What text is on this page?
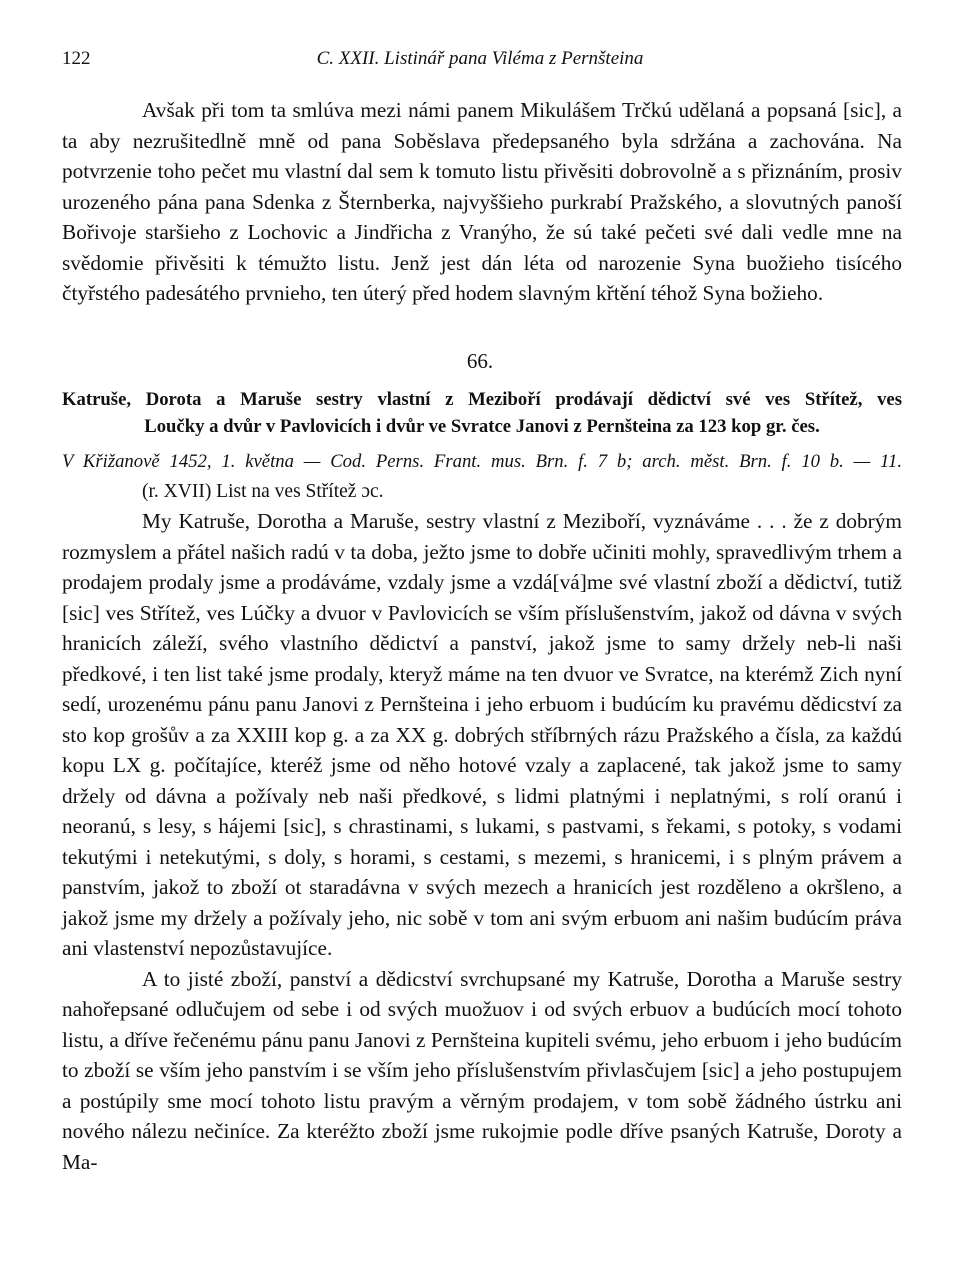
122	C. XXII. Listinář pana Viléma z Pernšteina

Avšak při tom ta smlúva mezi námi panem Mikulášem Trčkú udělaná a popsaná [sic], a ta aby nezrušitedlně mně od pana Soběslava předepsaného byla sdržána a zachována. Na potvrzenie toho pečet mu vlastní dal sem k tomuto listu přivěsiti dobrovolně a s přiznáním, prosiv urozeného pána pana Sdenka z Šternberka, najvyššieho purkrabí Pražského, a slovutných panoší Bořivoje staršieho z Lochovic a Jindřicha z Vranýho, že sú také pečeti své dali vedle mne na svědomie přivěsiti k témužto listu. Jenž jest dán léta od narozenie Syna buožieho tisícého čtyřstého padesátého prvnieho, ten úterý před hodem slavným křtění téhož Syna božieho.

66.
Katruše, Dorota a Maruše sestry vlastní z Meziboří prodávají dědictví své ves Střítež, ves
Loučky a dvůr v Pavlovicích i dvůr ve Svratce Janovi z Pernšteina za 123 kop gr. čes.
V Křižanově 1452, 1. května — Cod. Perns. Frant. mus. Brn. f. 7 b; arch. měst. Brn. f. 10 b. — 11.
(r. XVII) List na ves Střítež ɔc.

My Katruše, Dorotha a Maruše, sestry vlastní z Meziboří, vyznáváme . . . že z dobrým rozmyslem a přátel našich radú v ta doba, ježto jsme to dobře učiniti mohly, spravedlivým trhem a prodajem prodaly jsme a prodáváme, vzdaly jsme a vzdá[vá]me své vlastní zboží a dědictví, tutiž [sic] ves Střítež, ves Lúčky a dvuor v Pavlovicích se vším příslušenstvím, jakož od dávna v svých hranicích záleží, svého vlastního dědictví a panství, jakož jsme to samy držely neb-li naši předkové, i ten list také jsme prodaly, kteryž máme na ten dvuor ve Svratce, na kterémž Zich nyní sedí, urozenému pánu panu Janovi z Pernšteina i jeho erbuom i budúcím ku pravému dědicství za sto kop grošův a za XXIII kop g. a za XX g. dobrých stříbrných rázu Pražského a čísla, za každú kopu LX g. počítajíce, kteréž jsme od něho hotové vzaly a zaplacené, tak jakož jsme to samy držely od dávna a požívaly neb naši předkové, s lidmi platnými i neplatnými, s rolí oranú i neoranú, s lesy, s hájemi [sic], s chrastinami, s lukami, s pastvami, s řekami, s potoky, s vodami tekutými i netekutými, s doly, s horami, s cestami, s mezemi, s hranicemi, i s plným právem a panstvím, jakož to zboží ot staradávna v svých mezech a hranicích jest rozděleno a okršleno, a jakož jsme my držely a požívaly jeho, nic sobě v tom ani svým erbuom ani našim budúcím práva ani vlastenství nepozůstavujíce.

A to jisté zboží, panství a dědicství svrchupsané my Katruše, Dorotha a Maruše sestry nahořepsané odlučujem od sebe i od svých muožuov i od svých erbuov a budúcích mocí tohoto listu, a dříve řečenému pánu panu Janovi z Pernšteina kupiteli svému, jeho erbuom i jeho budúcím to zboží se vším jeho panstvím i se vším jeho příslušenstvím přivlasčujem [sic] a jeho postupujem a postúpily sme mocí tohoto listu pravým a věrným prodajem, v tom sobě žádného ústrku ani nového nálezu nečiníce. Za kteréžto zboží jsme rukojmie podle dříve psaných Katruše, Doroty a Ma-
